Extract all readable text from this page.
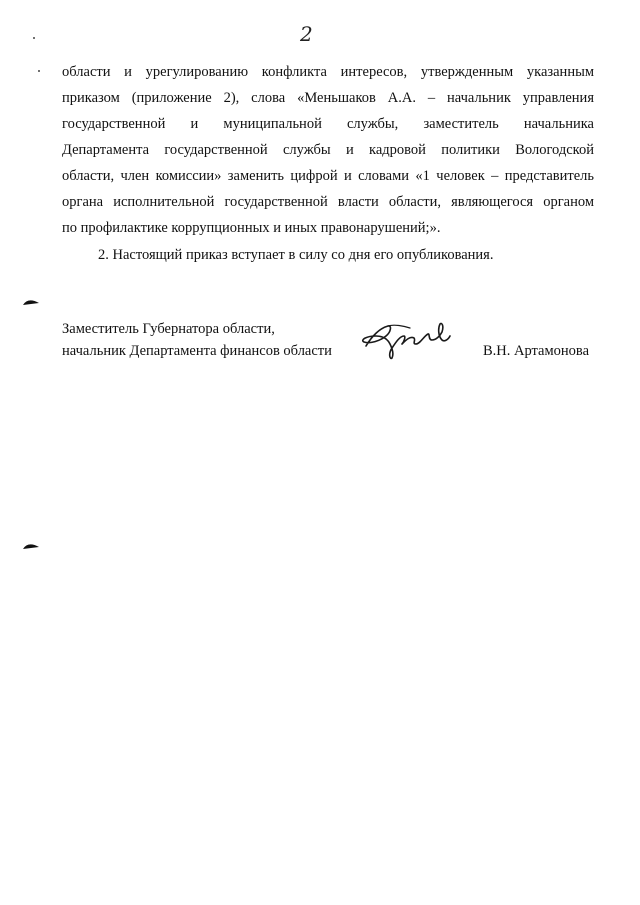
2
области и урегулированию конфликта интересов, утвержденным указанным
приказом (приложение 2), слова «Меньшаков А.А. – начальник управления
государственной и муниципальной службы, заместитель начальника
Департамента государственной службы и кадровой политики Вологодской
области, член комиссии» заменить цифрой и словами «1 человек – представитель
органа исполнительной государственной власти области, являющегося органом
по профилактике коррупционных и иных правонарушений;».
2. Настоящий приказ вступает в силу со дня его опубликования.
Заместитель Губернатора области,
начальник Департамента финансов области	В.Н. Артамонова
